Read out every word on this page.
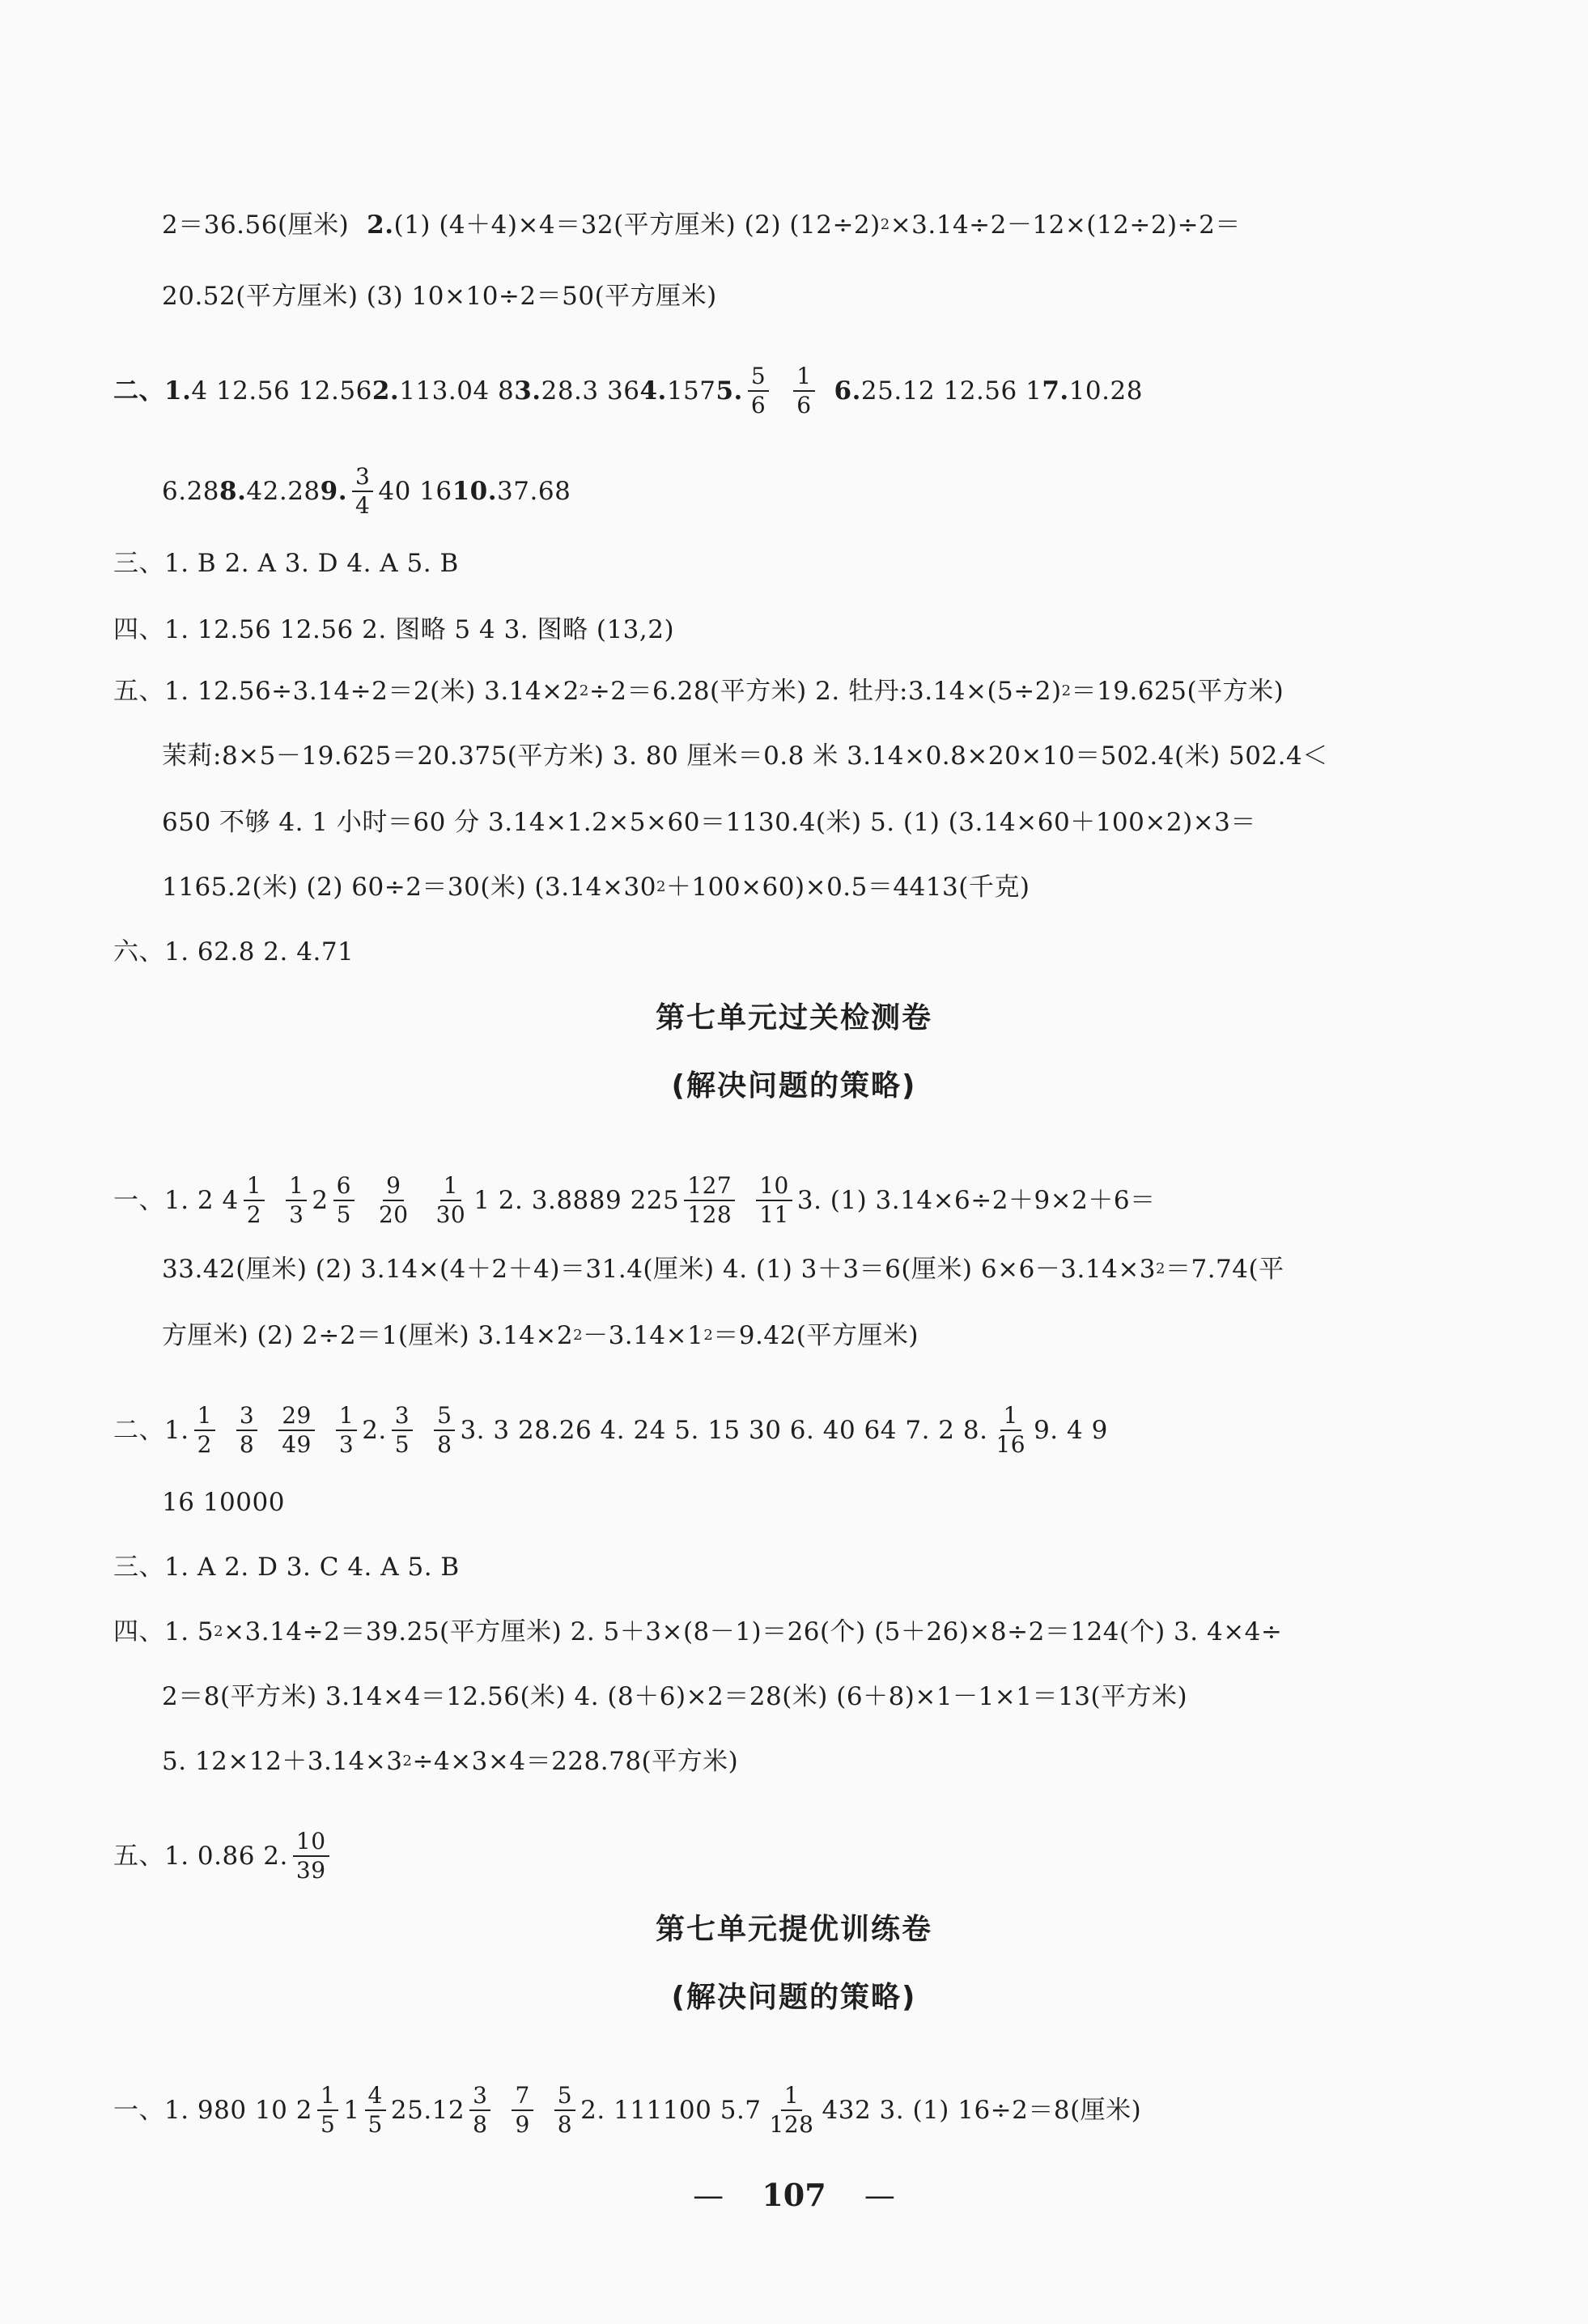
2＝36.56(厘米) 2. (1) (4＋4)×4＝32(平方厘米) (2) (12÷2) 2 ×3.14÷2－12×(12÷2)÷2＝
20.52(平方厘米) (3) 10×10÷2＝50(平方厘米)
二、 1. 4 12.56 12.56 2. 113.04 8 3. 28.3 36 4. 157 5. $\frac{5}{6} \frac{1}{6} 6$. 25.12 12.56 1 7. 10.28
6.28 8. 42.28 9. $\frac{3}{4} 40$ 16 10. 37.68
三、1. B 2. A 3. D 4. A 5. B
四、1. 12.56 12.56 2. 图略 5 4 3. 图略 (13,2)
五、1. 12.56÷3.14÷2＝2(米) 3.14×2 2 ÷2＝6.28(平方米) 2. 牡丹:3.14×(5÷2) 2 ＝19.625(平方米)
茉莉:8×5－19.625＝20.375(平方米) 3. 80 厘米＝0.8 米 3.14×0.8×20×10＝502.4(米) 502.4＜
650 不够 4. 1 小时＝60 分 3.14×1.2×5×60＝1130.4(米) 5. (1) (3.14×60＋100×2)×3＝
1165.2(米) (2) 60÷2＝30(米) (3.14×30 2 ＋100×60)×0.5＝4413(千克)
六、1. 62.8 2. 4.71
第七单元过关检测卷
(解决问题的策略)
一、1. 2 $4 \frac{1}{2} \frac{1}{3} 2 \frac{6}{5} \frac{9}{20} \frac{1}{30} 1$ 2. 3.8889 $225 \frac{127}{128} \frac{10}{11} 3$. (1) 3.14×6÷2＋9×2＋6＝
33.42(厘米) (2) 3.14×(4＋2＋4)＝31.4(厘米) 4. (1) 3＋3＝6(厘米) 6×6－3.14×3 2 ＝7.74(平
方厘米) (2) 2÷2＝1(厘米) 3.14×2 2 －3.14×1 2 ＝9.42(平方厘米)
二、1. $\frac{1}{2} \frac{3}{8} \frac{29}{49} \frac{1}{3} 2$. $\frac{3}{5} \frac{5}{8} 3$. 3 28.26 4. 24 5. 15 30 6. 40 64 7. 2 8. $\frac{1}{16} 9$. 4 9
16 10000
三、1. A 2. D 3. C 4. A 5. B
四、1. 5 2 ×3.14÷2＝39.25(平方厘米) 2. 5＋3×(8－1)＝26(个) (5＋26)×8÷2＝124(个) 3. 4×4÷
2＝8(平方米) 3.14×4＝12.56(米) 4. (8＋6)×2＝28(米) (6＋8)×1－1×1＝13(平方米)
5. 12×12＋3.14×3 2 ÷4×3×4＝228.78(平方米)
五、1. 0.86 2. $\frac{10}{39}$
第七单元提优训练卷
(解决问题的策略)
一、1. 980 10 $2 \frac{1}{5} 1 \frac{4}{5} 25.12 \frac{3}{8} \frac{7}{9} \frac{5}{8} 2$. 111100 $5.7 \frac{1}{128} 432$ 3. (1) 16÷2＝8(厘米)
— 107 —
